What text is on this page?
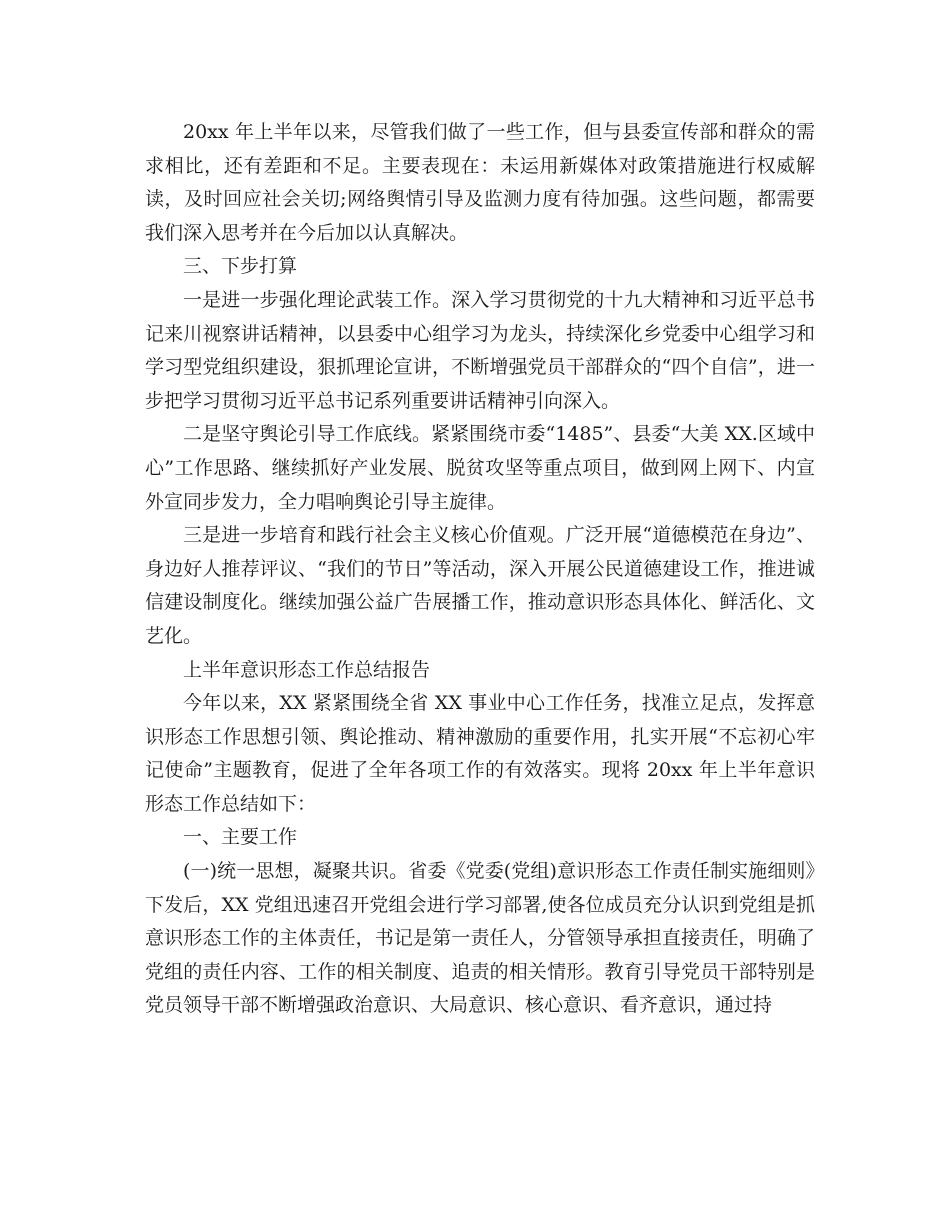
20xx 年上半年以来，尽管我们做了一些工作，但与县委宣传部和群众的需求相比，还有差距和不足。主要表现在：未运用新媒体对政策措施进行权威解读，及时回应社会关切;网络舆情引导及监测力度有待加强。这些问题，都需要我们深入思考并在今后加以认真解决。

三、下步打算

一是进一步强化理论武装工作。深入学习贯彻党的十九大精神和习近平总书记来川视察讲话精神，以县委中心组学习为龙头，持续深化乡党委中心组学习和学习型党组织建设，狠抓理论宣讲，不断增强党员干部群众的“四个自信”，进一步把学习贯彻习近平总书记系列重要讲话精神引向深入。

二是坚守舆论引导工作底线。紧紧围绕市委“1485”、县委“大美 XX.区域中心”工作思路、继续抓好产业发展、脱贫攻坚等重点项目，做到网上网下、内宣外宣同步发力，全力唱响舆论引导主旋律。

三是进一步培育和践行社会主义核心价值观。广泛开展“道德模范在身边”、身边好人推荐评议、“我们的节日”等活动，深入开展公民道德建设工作，推进诚信建设制度化。继续加强公益广告展播工作，推动意识形态具体化、鲜活化、文艺化。

上半年意识形态工作总结报告

今年以来，XX 紧紧围绕全省 XX 事业中心工作任务，找准立足点，发挥意识形态工作思想引领、舆论推动、精神激励的重要作用，扎实开展“不忘初心牢记使命”主题教育，促进了全年各项工作的有效落实。现将 20xx 年上半年意识形态工作总结如下：

一、主要工作

(一)统一思想，凝聚共识。省委《党委(党组)意识形态工作责任制实施细则》下发后，XX 党组迅速召开党组会进行学习部署,使各位成员充分认识到党组是抓意识形态工作的主体责任，书记是第一责任人，分管领导承担直接责任，明确了党组的责任内容、工作的相关制度、追责的相关情形。教育引导党员干部特别是党员领导干部不断增强政治意识、大局意识、核心意识、看齐意识，通过持
